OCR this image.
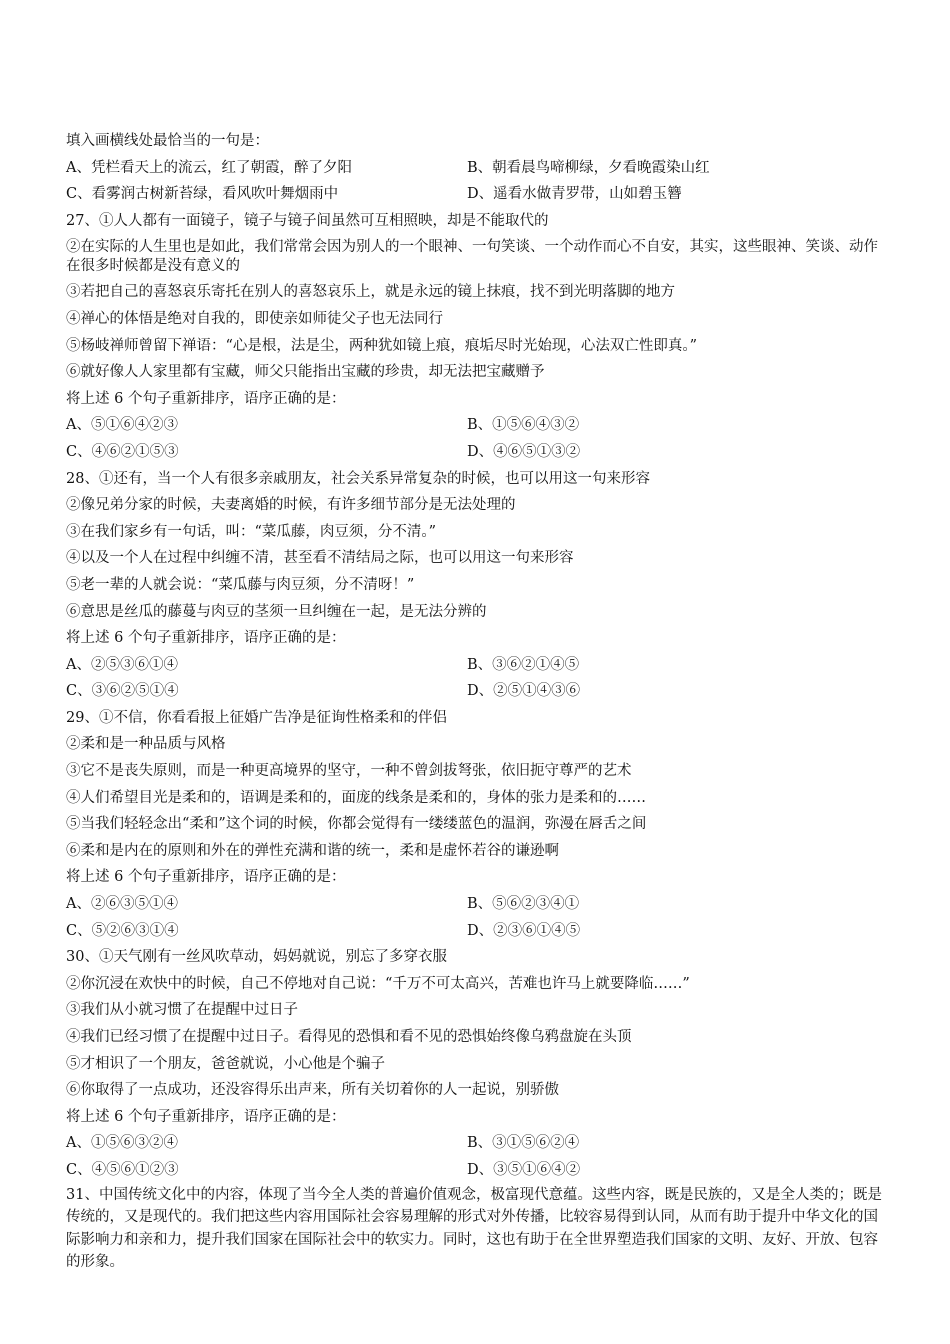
填入画横线处最恰当的一句是：
A、凭栏看天上的流云，红了朝霞，醉了夕阳	B、朝看晨鸟啼柳绿，夕看晚霞染山红
C、看雾润古树新苔绿，看风吹叶舞烟雨中	D、遥看水做青罗带，山如碧玉簪
27、①人人都有一面镜子，镜子与镜子间虽然可互相照映，却是不能取代的
②在实际的人生里也是如此，我们常常会因为别人的一个眼神、一句笑谈、一个动作而心不自安，其实，这些眼神、笑谈、动作在很多时候都是没有意义的
③若把自己的喜怒哀乐寄托在别人的喜怒哀乐上，就是永远的镜上抹痕，找不到光明落脚的地方
④禅心的体悟是绝对自我的，即使亲如师徒父子也无法同行
⑤杨岐禅师曾留下禅语：“心是根，法是尘，两种犹如镜上痕，痕垢尽时光始现，心法双亡性即真。”
⑥就好像人人家里都有宝藏，师父只能指出宝藏的珍贵，却无法把宝藏赠予
将上述 6 个句子重新排序，语序正确的是：
A、⑤①⑥④②③	B、①⑤⑥④③②
C、④⑥②①⑤③	D、④⑥⑤①③②
28、①还有，当一个人有很多亲戚朋友，社会关系异常复杂的时候，也可以用这一句来形容
②像兄弟分家的时候，夫妻离婚的时候，有许多细节部分是无法处理的
③在我们家乡有一句话，叫：“菜瓜藤，肉豆须，分不清。”
④以及一个人在过程中纠缠不清，甚至看不清结局之际，也可以用这一句来形容
⑤老一辈的人就会说：“菜瓜藤与肉豆须，分不清呀！”
⑥意思是丝瓜的藤蔓与肉豆的茎须一旦纠缠在一起，是无法分辨的
将上述 6 个句子重新排序，语序正确的是：
A、②⑤③⑥①④	B、③⑥②①④⑤
C、③⑥②⑤①④	D、②⑤①④③⑥
29、①不信，你看看报上征婚广告净是征询性格柔和的伴侣
②柔和是一种品质与风格
③它不是丧失原则，而是一种更高境界的坚守，一种不曾剑拔弩张，依旧扼守尊严的艺术
④人们希望目光是柔和的，语调是柔和的，面庞的线条是柔和的，身体的张力是柔和的……
⑤当我们轻轻念出“柔和”这个词的时候，你都会觉得有一缕缕蓝色的温润，弥漫在唇舌之间
⑥柔和是内在的原则和外在的弹性充满和谐的统一，柔和是虚怀若谷的谦逊啊
将上述 6 个句子重新排序，语序正确的是：
A、②⑥③⑤①④	B、⑤⑥②③④①
C、⑤②⑥③①④	D、②③⑥①④⑤
30、①天气刚有一丝风吹草动，妈妈就说，别忘了多穿衣服
②你沉浸在欢快中的时候，自己不停地对自己说：“千万不可太高兴，苦难也许马上就要降临……”
③我们从小就习惯了在提醒中过日子
④我们已经习惯了在提醒中过日子。看得见的恐惧和看不见的恐惧始终像乌鸦盘旋在头顶
⑤才相识了一个朋友，爸爸就说，小心他是个骗子
⑥你取得了一点成功，还没容得乐出声来，所有关切着你的人一起说，别骄傲
将上述 6 个句子重新排序，语序正确的是：
A、①⑤⑥③②④	B、③①⑤⑥②④
C、④⑤⑥①②③	D、③⑤①⑥④②
31、中国传统文化中的内容，体现了当今全人类的普遍价值观念，极富现代意蕴。这些内容，既是民族的，又是全人类的；既是传统的，又是现代的。我们把这些内容用国际社会容易理解的形式对外传播，比较容易得到认同，从而有助于提升中华文化的国际影响力和亲和力，提升我们国家在国际社会中的软实力。同时，这也有助于在全世界塑造我们国家的文明、友好、开放、包容的形象。
